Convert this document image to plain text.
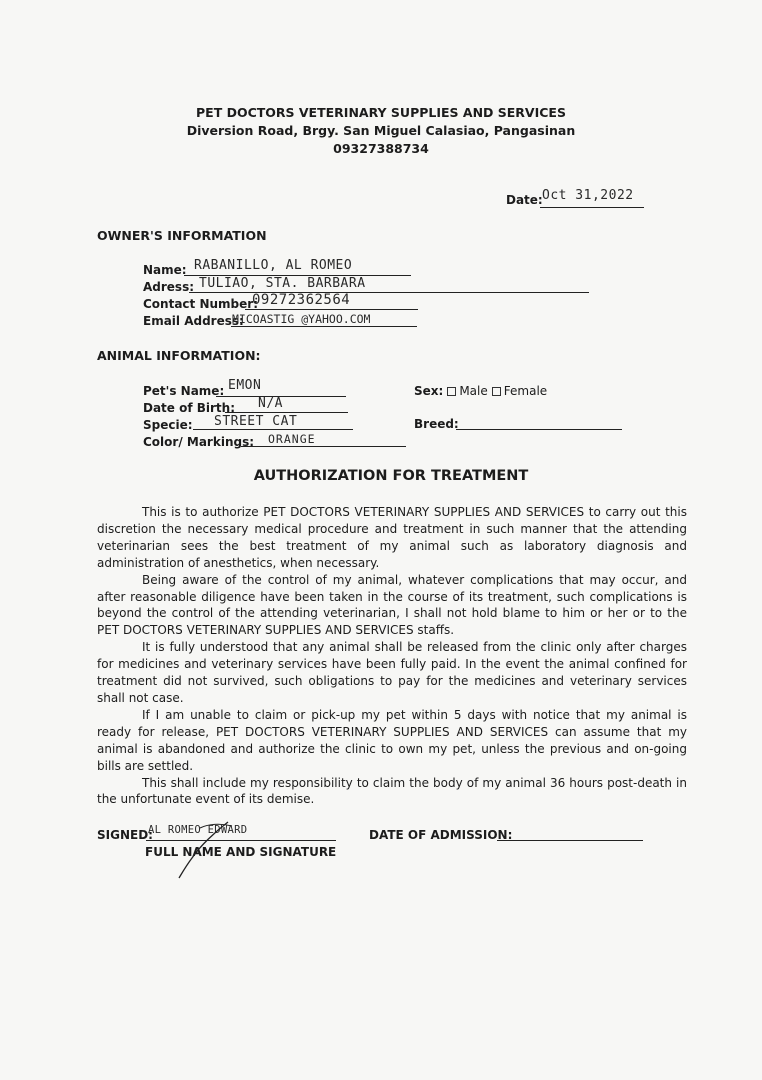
PET DOCTORS VETERINARY SUPPLIES AND SERVICES
Diversion Road, Brgy. San Miguel Calasiao, Pangasinan
09327388734
Date: Oct 31,2022
OWNER'S INFORMATION
Name: RABANILLO, AL ROMEO
Adress: TULIAO, STA. BARBARA
Contact Number:
09272362564
Email Address:
MICOASTIG @YAHOO.COM
ANIMAL INFORMATION:
Pet's Name: EMON
Date of Birth: N/A
Specie: STREET CAT
Color/ Markings: ORANGE
Sex: Male Female
Breed:
AUTHORIZATION FOR TREATMENT

This is to authorize PET DOCTORS VETERINARY SUPPLIES AND SERVICES to carry out this discretion the necessary medical procedure and treatment in such manner that the attending veterinarian sees the best treatment of my animal such as laboratory diagnosis and administration of anesthetics, when necessary.

Being aware of the control of my animal, whatever complications that may occur, and after reasonable diligence have been taken in the course of its treatment, such complications is beyond the control of the attending veterinarian, I shall not hold blame to him or her or to the PET DOCTORS VETERINARY SUPPLIES AND SERVICES staffs.

It is fully understood that any animal shall be released from the clinic only after charges for medicines and veterinary services have been fully paid. In the event the animal confined for treatment did not survived, such obligations to pay for the medicines and veterinary services shall not case.

If I am unable to claim or pick-up my pet within 5 days with notice that my animal is ready for release, PET DOCTORS VETERINARY SUPPLIES AND SERVICES can assume that my animal is abandoned and authorize the clinic to own my pet, unless the previous and on-going bills are settled.

This shall include my responsibility to claim the body of my animal 36 hours post-death in the unfortunate event of its demise.

SIGNED:
AL ROMEO EDWARD
FULL NAME AND SIGNATURE
DATE OF ADMISSION:
